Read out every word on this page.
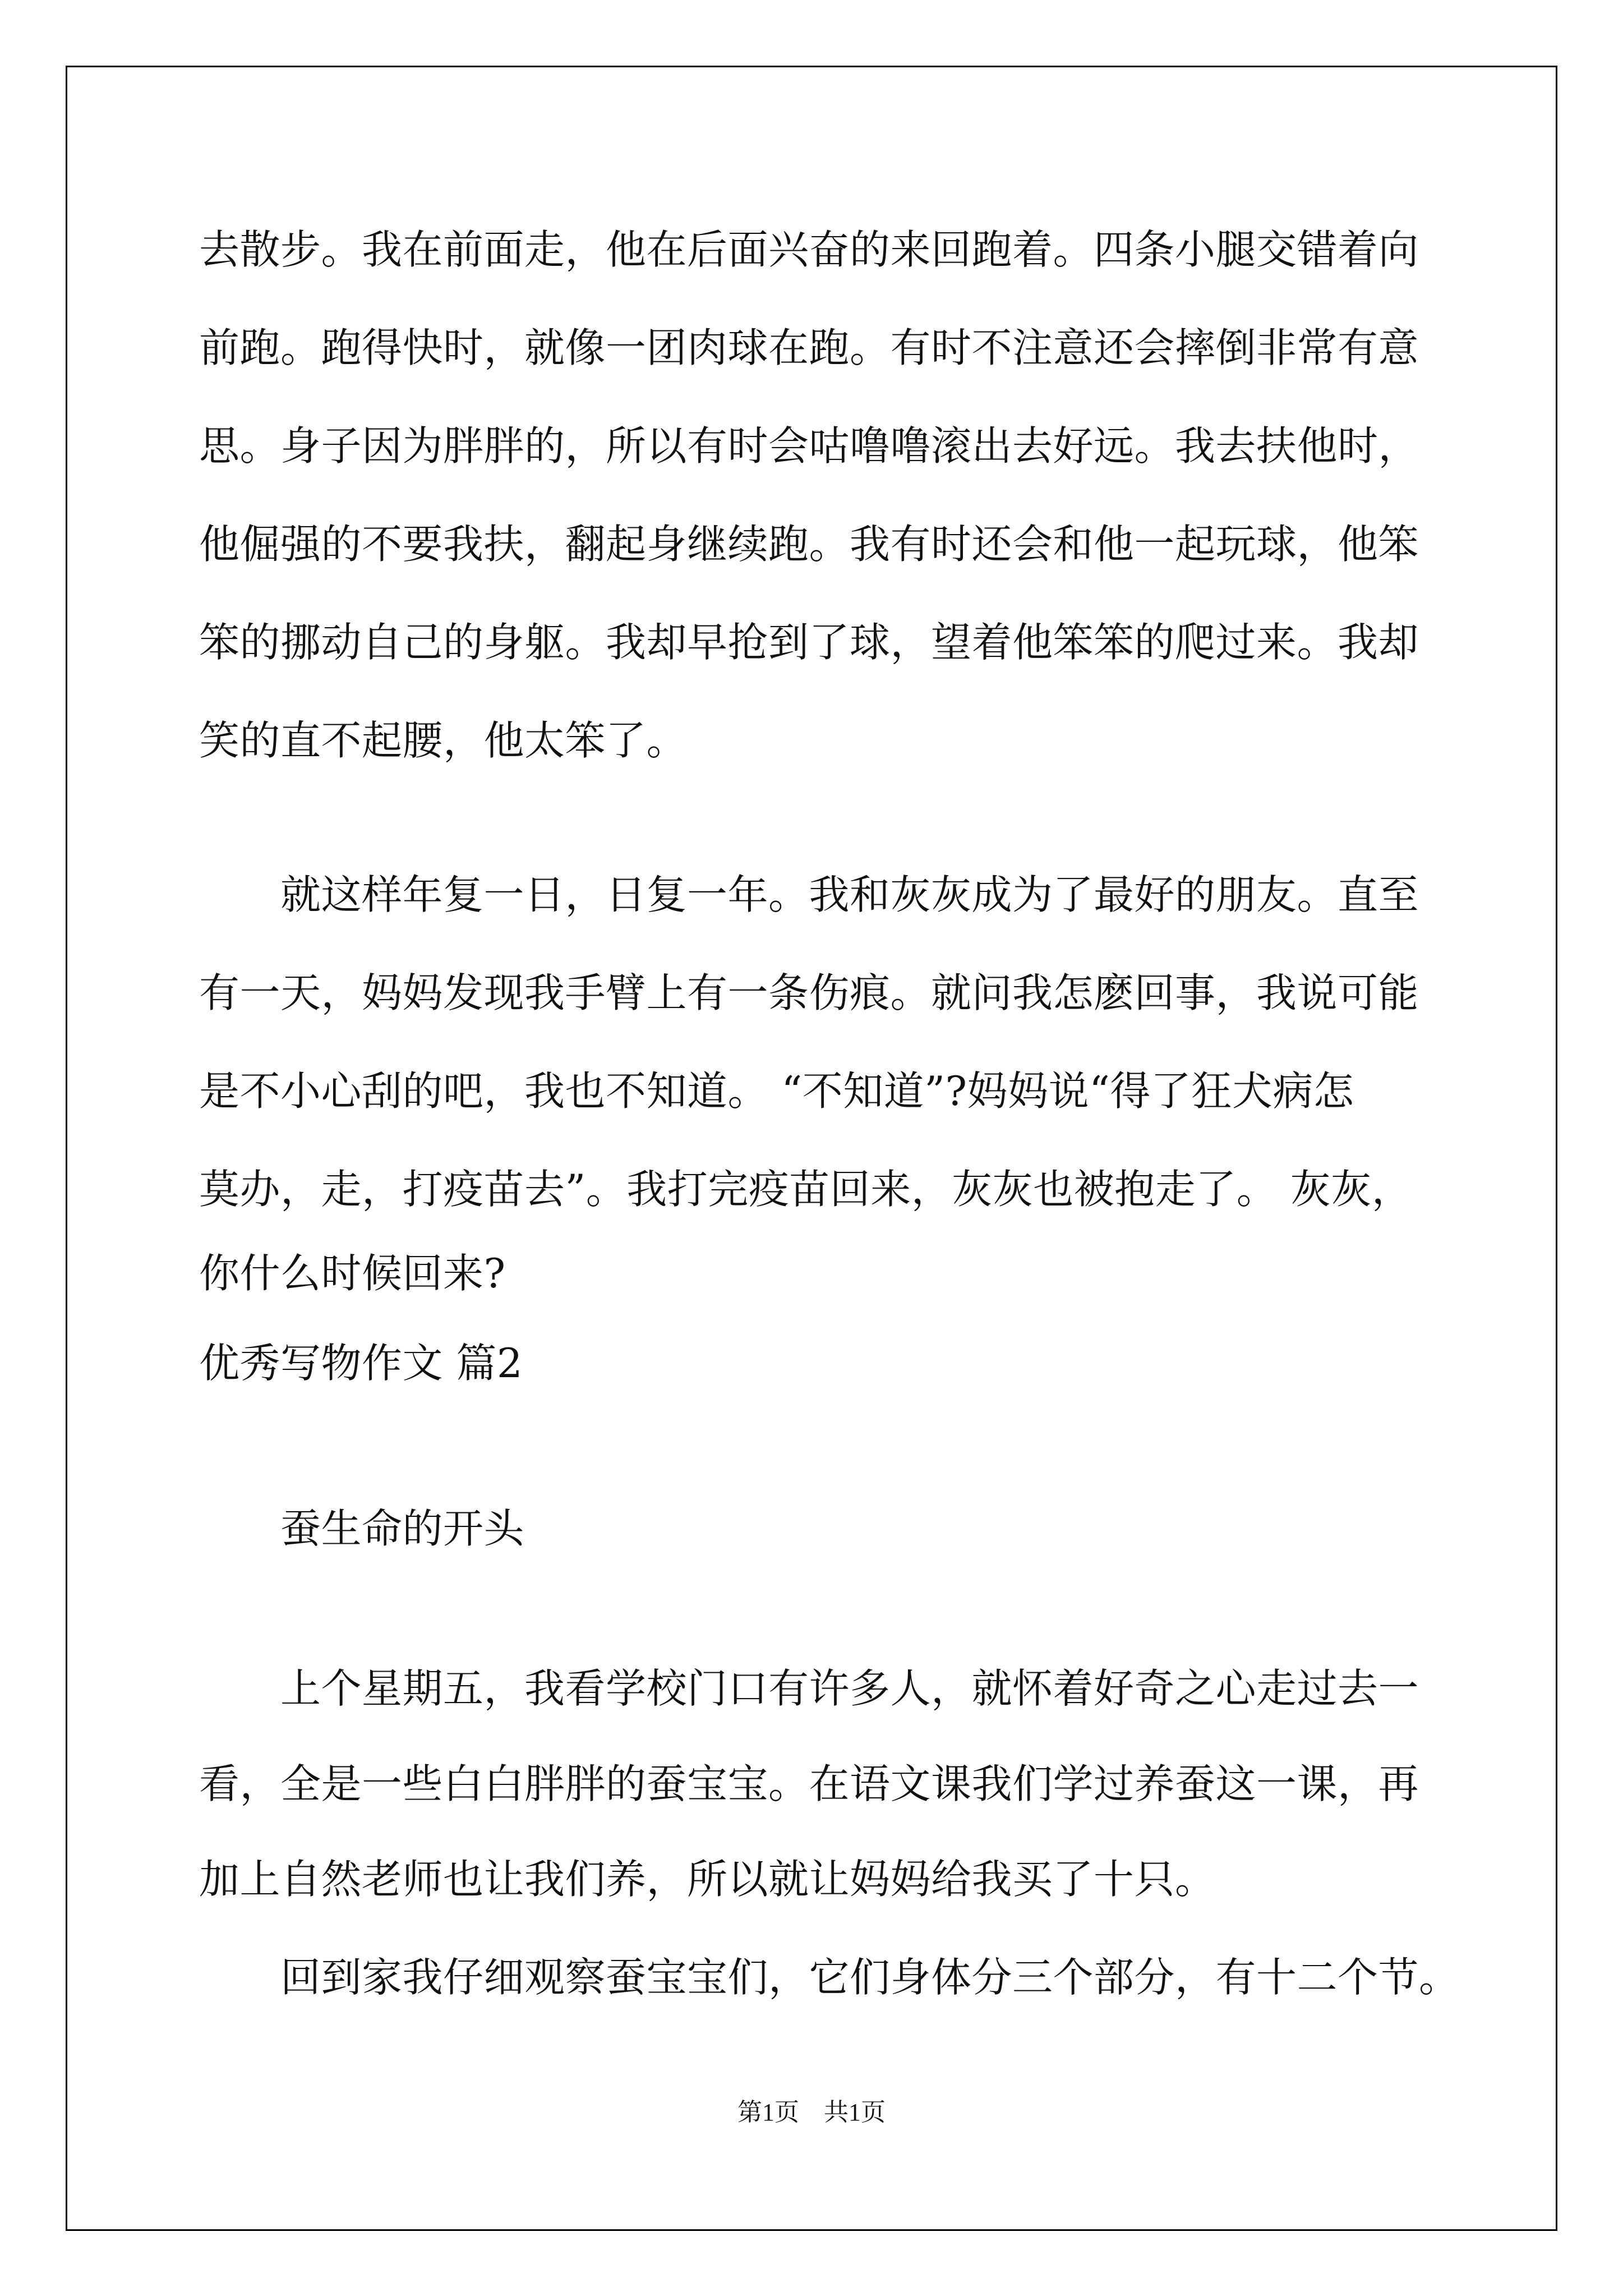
去散步。我在前面走，他在后面兴奋的来回跑着。四条小腿交错着向
前跑。跑得快时，就像一团肉球在跑。有时不注意还会摔倒非常有意
思。身子因为胖胖的，所以有时会咕噜噜滚出去好远。我去扶他时，
他倔强的不要我扶，翻起身继续跑。我有时还会和他一起玩球，他笨
笨的挪动自己的身躯。我却早抢到了球，望着他笨笨的爬过来。我却
笑的直不起腰，他太笨了。
　　就这样年复一日，日复一年。我和灰灰成为了最好的朋友。直至
有一天，妈妈发现我手臂上有一条伤痕。就问我怎麽回事，我说可能
是不小心刮的吧，我也不知道。 “不知道”?妈妈说“得了狂犬病怎
莫办，走，打疫苗去”。我打完疫苗回来，灰灰也被抱走了。 灰灰，
你什么时候回来?
优秀写物作文 篇2
　　蚕生命的开头
　　上个星期五，我看学校门口有许多人，就怀着好奇之心走过去一
看，全是一些白白胖胖的蚕宝宝。在语文课我们学过养蚕这一课，再
加上自然老师也让我们养，所以就让妈妈给我买了十只。
　　回到家我仔细观察蚕宝宝们，它们身体分三个部分，有十二个节。
第1页　共1页
